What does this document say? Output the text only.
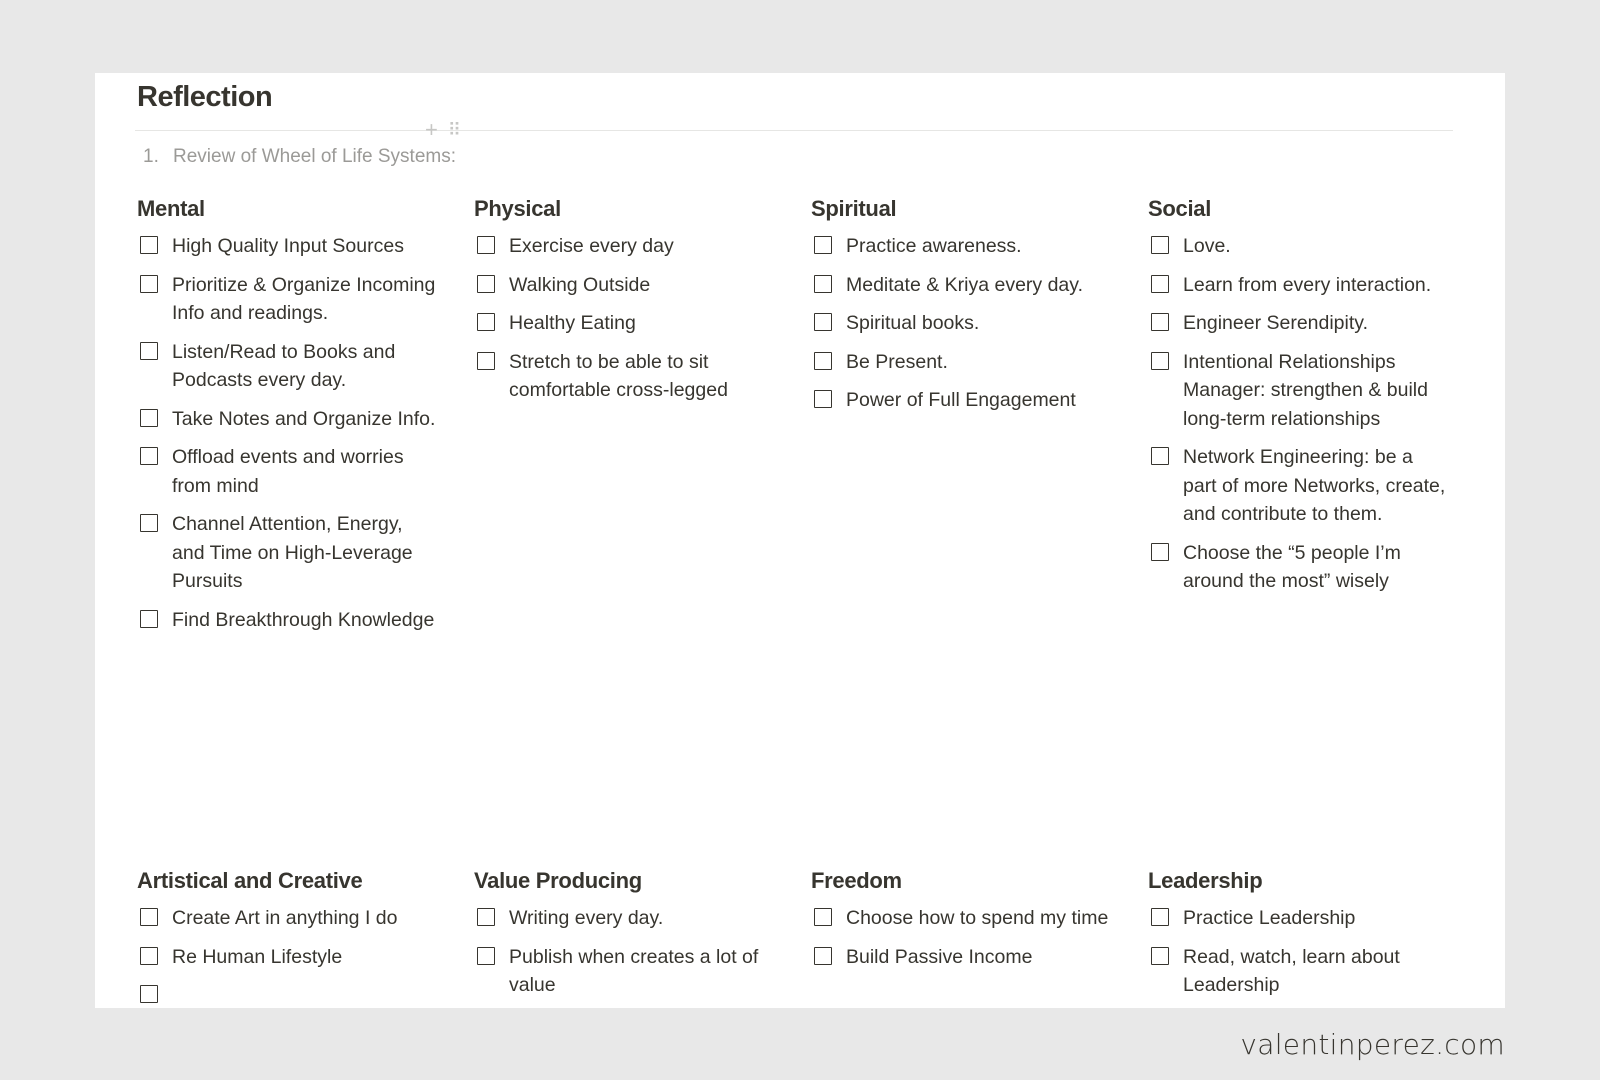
Reflection
1. Review of Wheel of Life Systems:
+ ⠿
Mental
High Quality Input Sources
Prioritize & Organize Incoming Info and readings.
Listen/Read to Books and Podcasts every day.
Take Notes and Organize Info.
Offload events and worries from mind
Channel Attention, Energy, and Time on High-Leverage Pursuits
Find Breakthrough Knowledge
Physical
Exercise every day
Walking Outside
Healthy Eating
Stretch to be able to sit comfortable cross-legged
Spiritual
Practice awareness.
Meditate & Kriya every day.
Spiritual books.
Be Present.
Power of Full Engagement
Social
Love.
Learn from every interaction.
Engineer Serendipity.
Intentional Relationships Manager: strengthen & build long-term relationships
Network Engineering: be a part of more Networks, create, and contribute to them.
Choose the “5 people I’m around the most” wisely
Artistical and Creative
Create Art in anything I do
Re Human Lifestyle
Value Producing
Writing every day.
Publish when creates a lot of value
Freedom
Choose how to spend my time
Build Passive Income
Leadership
Practice Leadership
Read, watch, learn about Leadership
valentinperez.com
